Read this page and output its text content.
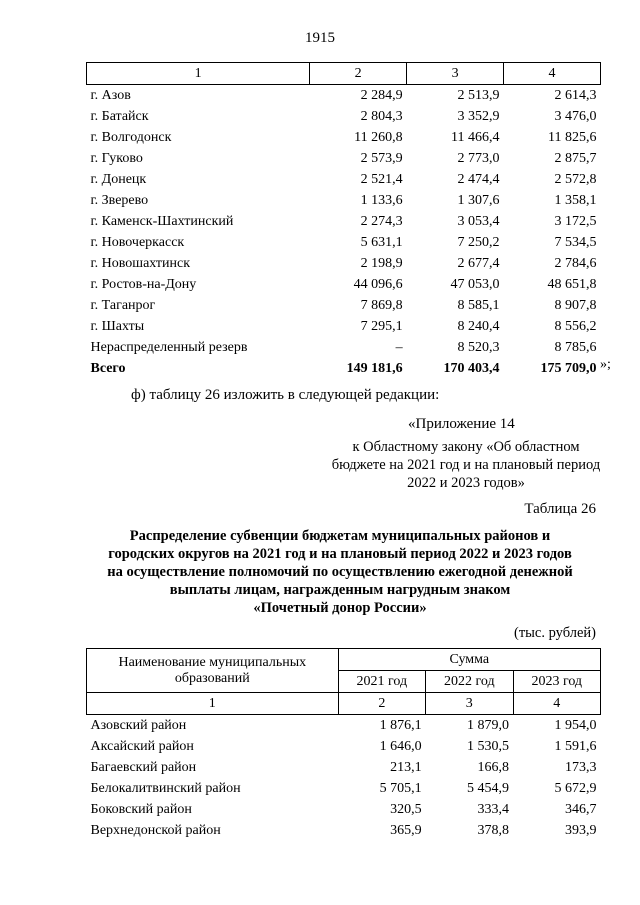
1915
1	2	3	4
г. Азов	2 284,9	2 513,9	2 614,3
г. Батайск	2 804,3	3 352,9	3 476,0
г. Волгодонск	11 260,8	11 466,4	11 825,6
г. Гуково	2 573,9	2 773,0	2 875,7
г. Донецк	2 521,4	2 474,4	2 572,8
г. Зверево	1 133,6	1 307,6	1 358,1
г. Каменск-Шахтинский	2 274,3	3 053,4	3 172,5
г. Новочеркасск	5 631,1	7 250,2	7 534,5
г. Новошахтинск	2 198,9	2 677,4	2 784,6
г. Ростов-на-Дону	44 096,6	47 053,0	48 651,8
г. Таганрог	7 869,8	8 585,1	8 907,8
г. Шахты	7 295,1	8 240,4	8 556,2
Нераспределенный резерв	–	8 520,3	8 785,6
Всего	149 181,6	170 403,4	175 709,0 »;
ф) таблицу 26 изложить в следующей редакции:
«Приложение 14
к Областному закону «Об областном бюджете на 2021 год и на плановый период 2022 и 2023 годов»
Таблица 26
Распределение субвенции бюджетам муниципальных районов и
городских округов на 2021 год и на плановый период 2022 и 2023 годов
на осуществление полномочий по осуществлению ежегодной денежной
выплаты лицам, награжденным нагрудным знаком
«Почетный донор России»
(тыс. рублей)
Наименование муниципальных образований	Сумма		
	2021 год	2022 год	2023 год
1	2	3	4
Азовский район	1 876,1	1 879,0	1 954,0
Аксайский район	1 646,0	1 530,5	1 591,6
Багаевский район	213,1	166,8	173,3
Белокалитвинский район	5 705,1	5 454,9	5 672,9
Боковский район	320,5	333,4	346,7
Верхнедонской район	365,9	378,8	393,9
